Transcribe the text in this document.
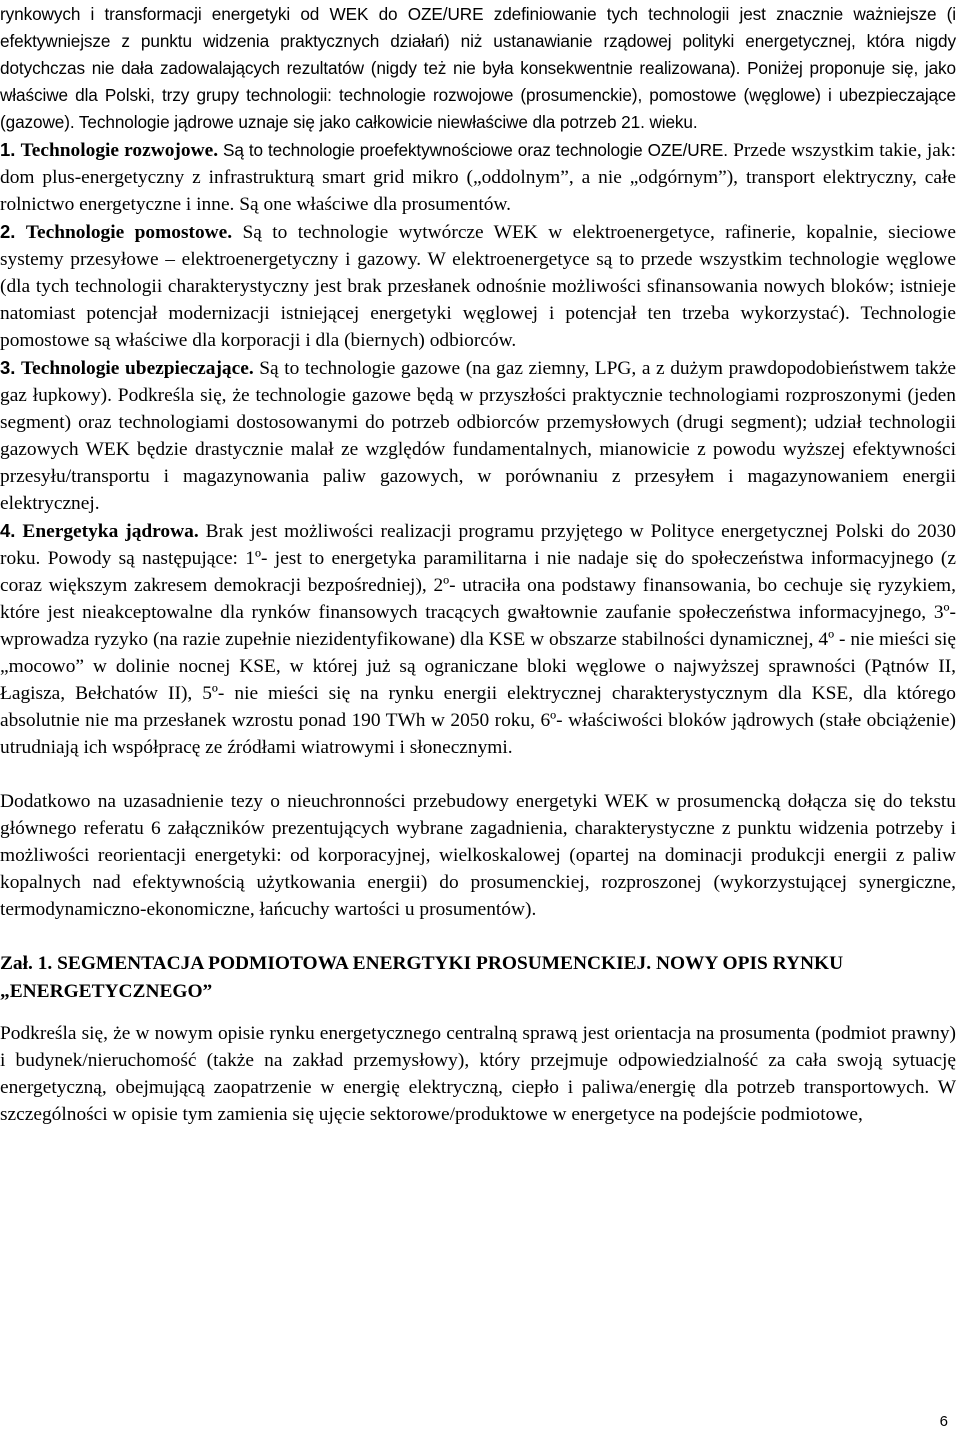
rynkowych i transformacji energetyki od WEK do OZE/URE zdefiniowanie tych technologii jest znacznie ważniejsze (i efektywniejsze z punktu widzenia praktycznych działań) niż ustanawianie rządowej polityki energetycznej, która nigdy dotychczas nie dała zadowalających rezultatów (nigdy też nie była konsekwentnie realizowana). Poniżej proponuje się, jako właściwe dla Polski, trzy grupy technologii: technologie rozwojowe (prosumenckie), pomostowe (węglowe) i ubezpieczające (gazowe). Technologie jądrowe uznaje się jako całkowicie niewłaściwe dla potrzeb 21. wieku.

1. Technologie rozwojowe. Są to technologie proefektywnościowe oraz technologie OZE/URE. Przede wszystkim takie, jak: dom plus-energetyczny z infrastrukturą smart grid mikro („oddolnym”, a nie „odgórnym”), transport elektryczny, całe rolnictwo energetyczne i inne. Są one właściwe dla prosumentów.

2. Technologie pomostowe. Są to technologie wytwórcze WEK w elektroenergetyce, rafinerie, kopalnie, sieciowe systemy przesyłowe – elektroenergetyczny i gazowy. W elektroenergetyce są to przede wszystkim technologie węglowe (dla tych technologii charakterystyczny jest brak przesłanek odnośnie możliwości sfinansowania nowych bloków; istnieje natomiast potencjał modernizacji istniejącej energetyki węglowej i potencjał ten trzeba wykorzystać). Technologie pomostowe są właściwe dla korporacji i dla (biernych) odbiorców.

3. Technologie ubezpieczające. Są to technologie gazowe (na gaz ziemny, LPG, a z dużym prawdopodobieństwem także gaz łupkowy). Podkreśla się, że technologie gazowe będą w przyszłości praktycznie technologiami rozproszonymi (jeden segment) oraz technologiami dostosowanymi do potrzeb odbiorców przemysłowych (drugi segment); udział technologii gazowych WEK będzie drastycznie malał ze względów fundamentalnych, mianowicie z powodu wyższej efektywności przesyłu/transportu i magazynowania paliw gazowych, w porównaniu z przesyłem i magazynowaniem energii elektrycznej.

4. Energetyka jądrowa. Brak jest możliwości realizacji programu przyjętego w Polityce energetycznej Polski do 2030 roku. Powody są następujące: 1º- jest to energetyka paramilitarna i nie nadaje się do społeczeństwa informacyjnego (z coraz większym zakresem demokracji bezpośredniej), 2º- utraciła ona podstawy finansowania, bo cechuje się ryzykiem, które jest nieakceptowalne dla rynków finansowych tracących gwałtownie zaufanie społeczeństwa informacyjnego, 3º- wprowadza ryzyko (na razie zupełnie niezidentyfikowane) dla KSE w obszarze stabilności dynamicznej, 4º - nie mieści się „mocowo” w dolinie nocnej KSE, w której już są ograniczane bloki węglowe o najwyższej sprawności (Pątnów II, Łagisza, Bełchatów II), 5º- nie mieści się na rynku energii elektrycznej charakterystycznym dla KSE, dla którego absolutnie nie ma przesłanek wzrostu ponad 190 TWh w 2050 roku, 6º- właściwości bloków jądrowych (stałe obciążenie) utrudniają ich współpracę ze źródłami wiatrowymi i słonecznymi.

Dodatkowo na uzasadnienie tezy o nieuchronności przebudowy energetyki WEK w prosumencką dołącza się do tekstu głównego referatu 6 załączników prezentujących wybrane zagadnienia, charakterystyczne z punktu widzenia potrzeby i możliwości reorientacji energetyki: od korporacyjnej, wielkoskalowej (opartej na dominacji produkcji energii z paliw kopalnych nad efektywnością użytkowania energii) do prosumenckiej, rozproszonej (wykorzystującej synergiczne, termodynamiczno-ekonomiczne, łańcuchy wartości u prosumentów).

Zał. 1. SEGMENTACJA PODMIOTOWA ENERGTYKI PROSUMENCKIEJ. NOWY OPIS RYNKU „ENERGETYCZNEGO”

Podkreśla się, że w nowym opisie rynku energetycznego centralną sprawą jest orientacja na prosumenta (podmiot prawny) i budynek/nieruchomość (także na zakład przemysłowy), który przejmuje odpowiedzialność za cała swoją sytuację energetyczną, obejmującą zaopatrzenie w energię elektryczną, ciepło i paliwa/energię dla potrzeb transportowych. W szczególności w opisie tym zamienia się ujęcie sektorowe/produktowe w energetyce na podejście podmiotowe,

6
